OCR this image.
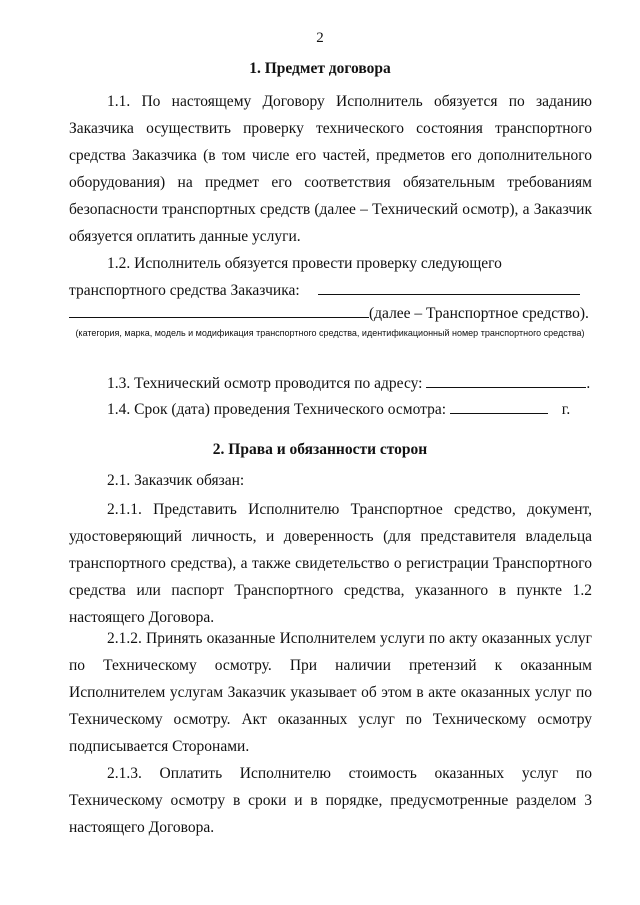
2
1. Предмет договора

1.1. По настоящему Договору Исполнитель обязуется по заданию Заказчика осуществить проверку технического состояния транспортного средства Заказчика (в том числе его частей, предметов его дополнительного оборудования) на предмет его соответствия обязательным требованиям безопасности транспортных средств (далее – Технический осмотр), а Заказчик обязуется оплатить данные услуги.

1.2. Исполнитель обязуется провести проверку следующего

транспортного средства Заказчика:
(далее – Транспортное средство).
(категория, марка, модель и модификация транспортного средства, идентификационный номер транспортного средства)
1.3. Технический осмотр проводится по адресу:	.
1.4. Срок (дата) проведения Технического осмотра:	г.
2. Права и обязанности сторон

2.1. Заказчик обязан:

2.1.1. Представить Исполнителю Транспортное средство, документ, удостоверяющий личность, и доверенность (для представителя владельца транспортного средства), а также свидетельство о регистрации Транспортного средства или паспорт Транспортного средства, указанного в пункте 1.2 настоящего Договора.

2.1.2. Принять оказанные Исполнителем услуги по акту оказанных услуг по Техническому осмотру. При наличии претензий к оказанным Исполнителем услугам Заказчик указывает об этом в акте оказанных услуг по Техническому осмотру. Акт оказанных услуг по Техническому осмотру подписывается Сторонами.

2.1.3. Оплатить Исполнителю стоимость оказанных услуг по Техническому осмотру в сроки и в порядке, предусмотренные разделом 3 настоящего Договора.
